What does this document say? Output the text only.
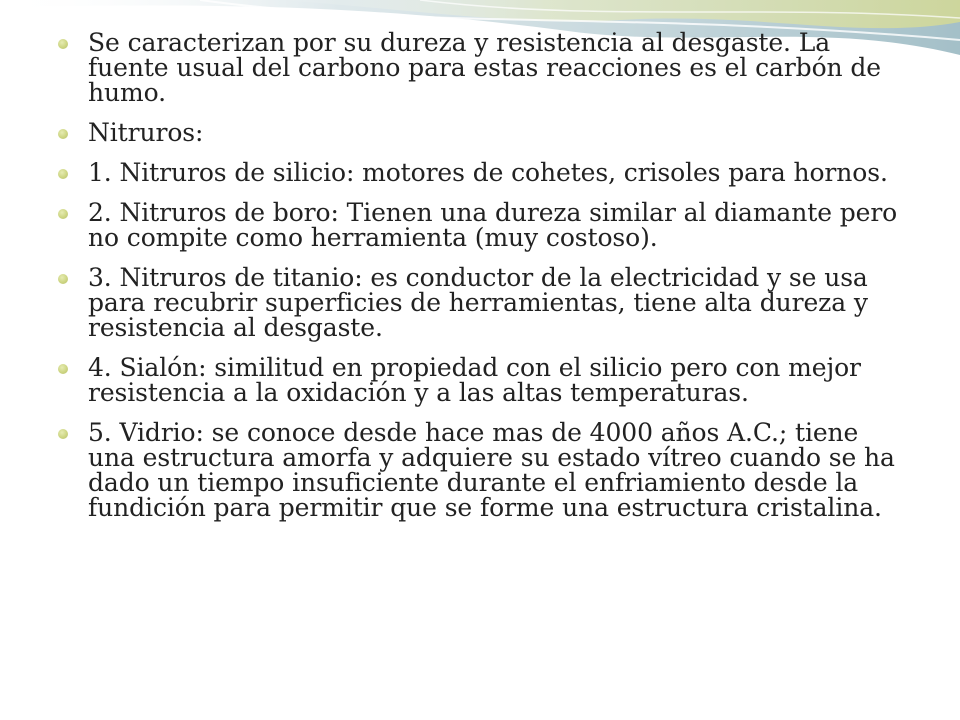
Se caracterizan por su dureza y resistencia al desgaste. La fuente usual del carbono para estas reacciones es el carbón de humo.
Nitruros:
1. Nitruros de silicio: motores de cohetes, crisoles para hornos.
2. Nitruros de boro: Tienen una dureza similar al diamante pero no compite como herramienta (muy costoso).
3. Nitruros de titanio: es conductor de la electricidad y se usa para recubrir superficies de herramientas, tiene alta dureza y resistencia al desgaste.
4. Sialón: similitud en propiedad con el silicio pero con mejor resistencia a la oxidación y a las altas temperaturas.
5. Vidrio: se conoce desde hace mas de 4000 años A.C.; tiene una estructura amorfa y adquiere su estado vítreo cuando se ha dado un tiempo insuficiente durante el enfriamiento desde la fundición para permitir que se forme una estructura cristalina.
